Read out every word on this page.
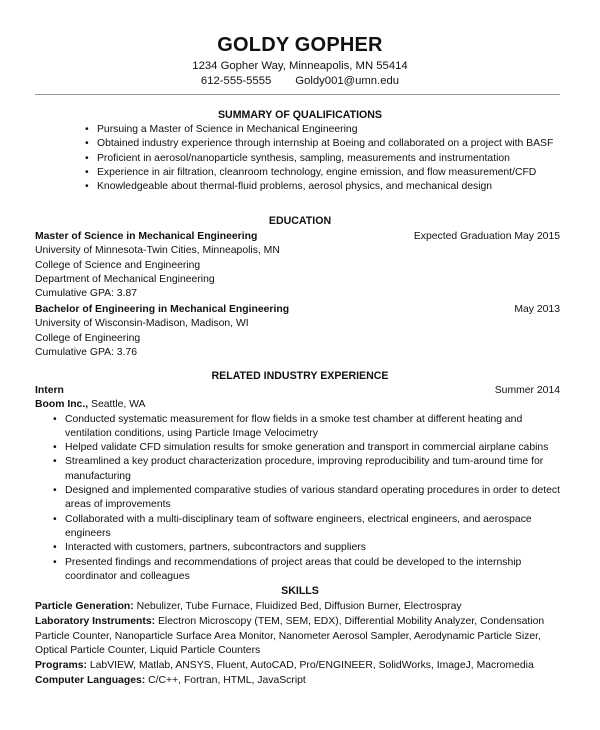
GOLDY GOPHER
1234 Gopher Way, Minneapolis, MN 55414
612-555-5555 Goldy001@umn.edu
SUMMARY OF QUALIFICATIONS
• Pursuing a Master of Science in Mechanical Engineering
• Obtained industry experience through internship at Boeing and collaborated on a project with BASF
• Proficient in aerosol/nanoparticle synthesis, sampling, measurements and instrumentation
• Experience in air filtration, cleanroom technology, engine emission, and flow measurement/CFD
• Knowledgeable about thermal-fluid problems, aerosol physics, and mechanical design
EDUCATION
Master of Science in Mechanical Engineering	Expected Graduation May 2015
University of Minnesota-Twin Cities, Minneapolis, MN
College of Science and Engineering
Department of Mechanical Engineering
Cumulative GPA: 3.87
Bachelor of Engineering in Mechanical Engineering	May 2013
University of Wisconsin-Madison, Madison, WI
College of Engineering
Cumulative GPA: 3.76
RELATED INDUSTRY EXPERIENCE
Intern	Summer 2014
Boom Inc., Seattle, WA
• Conducted systematic measurement for flow fields in a smoke test chamber at different heating and ventilation conditions, using Particle Image Velocimetry
• Helped validate CFD simulation results for smoke generation and transport in commercial airplane cabins
• Streamlined a key product characterization procedure, improving reproducibility and tum-around time for manufacturing
• Designed and implemented comparative studies of various standard operating procedures in order to detect areas of improvements
• Collaborated with a multi-disciplinary team of software engineers, electrical engineers, and aerospace engineers
• Interacted with customers, partners, subcontractors and suppliers
• Presented findings and recommendations of project areas that could be developed to the internship coordinator and colleagues
SKILLS
Particle Generation: Nebulizer, Tube Furnace, Fluidized Bed, Diffusion Burner, Electrospray
Laboratory Instruments: Electron Microscopy (TEM, SEM, EDX), Differential Mobility Analyzer, Condensation Particle Counter, Nanoparticle Surface Area Monitor, Nanometer Aerosol Sampler, Aerodynamic Particle Sizer, Optical Particle Counter, Liquid Particle Counters
Programs: LabVIEW, Matlab, ANSYS, Fluent, AutoCAD, Pro/ENGINEER, SolidWorks, ImageJ, Macromedia
Computer Languages: C/C++, Fortran, HTML, JavaScript
